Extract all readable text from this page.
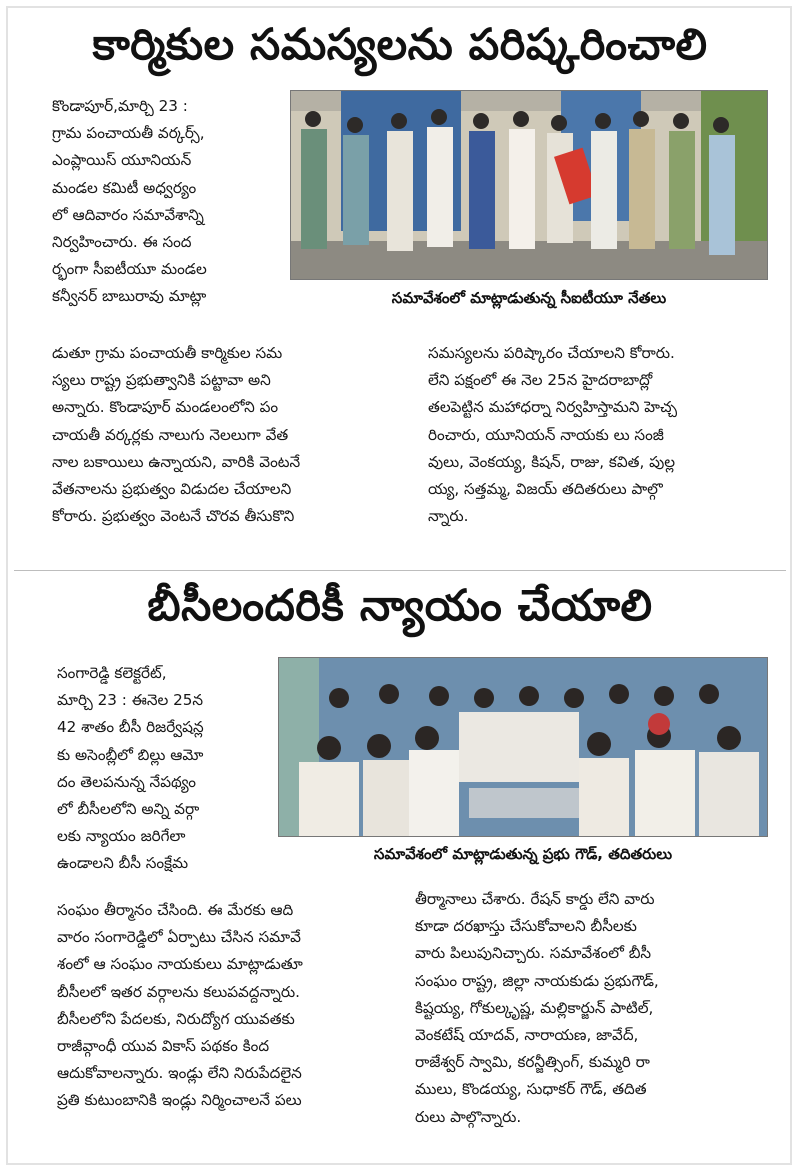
కార్మికుల సమస్యలను పరిష్కరించాలి
కొండాపూర్,మార్చి 23 :
గ్రామ పంచాయతీ వర్కర్స్,
ఎంప్లాయిస్ యూనియన్
మండల కమిటీ అధ్వర్యం
లో ఆదివారం సమావేశాన్ని
నిర్వహించారు. ఈ సంద
ర్భంగా సీఐటీయూ మండల
కన్వీనర్ బాబురావు మాట్లా	సమావేశంలో మాట్లాడుతున్న సీఐటీయూ నేతలు
డుతూ గ్రామ పంచాయతీ కార్మికుల సమ
స్యలు రాష్ట్ర ప్రభుత్వానికి పట్టావా అని
అన్నారు. కొండాపూర్ మండలంలోని పం
చాయతీ వర్కర్లకు నాలుగు నెలలుగా వేత
నాల బకాయిలు ఉన్నాయని, వారికి వెంటనే
వేతనాలను ప్రభుత్వం విడుదల చేయాలని
కోరారు. ప్రభుత్వం వెంటనే చొరవ తీసుకొని
సమస్యలను పరిష్కారం చేయాలని కోరారు.
లేని పక్షంలో ఈ నెల 25న హైదరాబాద్లో
తలపెట్టిన మహాధర్నా నిర్వహిస్తామని హెచ్చ
రించారు, యూనియన్ నాయకు లు సంజీ
వులు, వెంకయ్య, కిషన్, రాజు, కవిత, పుల్ల
య్య, సత్తమ్మ, విజయ్ తదితరులు పాల్గొ
న్నారు.
బీసీలందరికీ న్యాయం చేయాలి
సంగారెడ్డి కలెక్టరేట్,
మార్చి 23 : ఈనెల 25న
42 శాతం బీసీ రిజర్వేషన్ల
కు అసెంబ్లీలో బిల్లు ఆమో
దం తెలపనున్న నేపథ్యం
లో బీసీలలోని అన్ని వర్గా
లకు న్యాయం జరిగేలా
ఉండాలని బీసీ సంక్షేమ
సమావేశంలో మాట్లాడుతున్న ప్రభు గౌడ్, తదితరులు
సంఘం తీర్మానం చేసింది. ఈ మేరకు ఆది
వారం సంగారెడ్డిలో ఏర్పాటు చేసిన సమావే
శంలో ఆ సంఘం నాయకులు మాట్లాడుతూ
బీసీలలో ఇతర వర్గాలను కలుపవద్దన్నారు.
బీసీలలోని పేదలకు, నిరుద్యోగ యువతకు
రాజీవ్గాంధీ యువ వికాస్ పథకం కింద
ఆదుకోవాలన్నారు. ఇండ్లు లేని నిరుపేదలైన
ప్రతి కుటుంబానికి ఇండ్లు నిర్మించాలనే పలు
తీర్మానాలు చేశారు. రేషన్ కార్డు లేని వారు
కూడా దరఖాస్తు చేసుకోవాలని బీసీలకు
వారు పిలుపునిచ్చారు. సమావేశంలో బీసీ
సంఘం రాష్ట్ర, జిల్లా నాయకుడు ప్రభుగౌడ్,
కిష్టయ్య, గోకుల్కృష్ణ, మల్లికార్జున్ పాటిల్,
వెంకటేష్ యాదవ్, నారాయణ, జావేద్,
రాజేశ్వర్ స్వామి, కరన్జీత్సింగ్, కుమ్మరి రా
ములు, కొండయ్య, సుధాకర్ గౌడ్, తదిత
రులు పాల్గొన్నారు.
